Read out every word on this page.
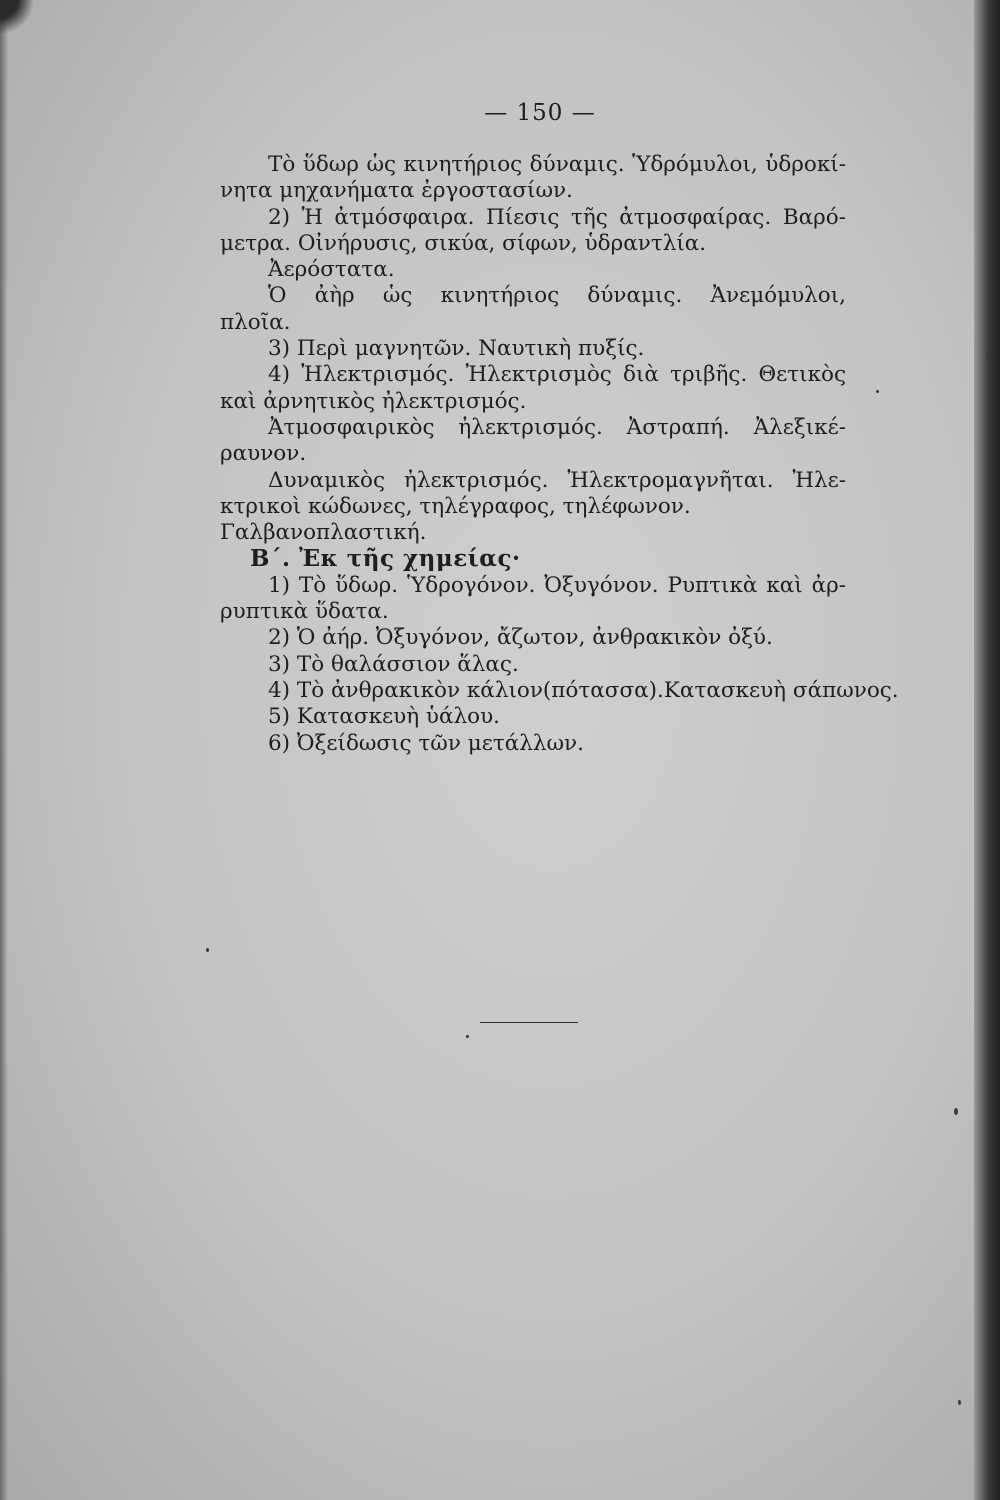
— 150 —
Τὸ ὕδωρ ὡς κινητήριος δύναμις. Ὑδρόμυλοι, ὑδροκί-
νητα μηχανήματα ἐργοστασίων.
2) Ἡ ἀτμόσφαιρα. Πίεσις τῆς ἀτμοσφαίρας. Βαρό-
μετρα. Οἰνήρυσις, σικύα, σίφων, ὑδραντλία.
Ἀερόστατα.
Ὁ ἀὴρ ὡς κινητήριος δύναμις. Ἀνεμόμυλοι,
πλοῖα.
3) Περὶ μαγνητῶν. Ναυτικὴ πυξίς.
4) Ἠλεκτρισμός. Ἠλεκτρισμὸς διὰ τριβῆς. Θετικὸς
καὶ ἀρνητικὸς ἠλεκτρισμός.
Ἀτμοσφαιρικὸς ἠλεκτρισμός. Ἀστραπή. Ἀλεξικέ-
ραυνον.
Δυναμικὸς ἠλεκτρισμός. Ἠλεκτρομαγνῆται. Ἠλε-
κτρικοὶ κώδωνες, τηλέγραφος, τηλέφωνον.
Γαλβανοπλαστική.
Β΄. Ἐκ τῆς χημείας·
1) Τὸ ὕδωρ. Ὑδρογόνον. Ὀξυγόνον. Ρυπτικὰ καὶ ἀρ-
ρυπτικὰ ὕδατα.
2) Ὁ ἀήρ. Ὀξυγόνον, ἄζωτον, ἀνθρακικὸν ὀξύ.
3) Τὸ θαλάσσιον ἅλας.
4) Τὸ ἀνθρακικὸν κάλιον(πότασσα).Κατασκευὴ σάπωνος.
5) Κατασκευὴ ὑάλου.
6) Ὀξείδωσις τῶν μετάλλων.
